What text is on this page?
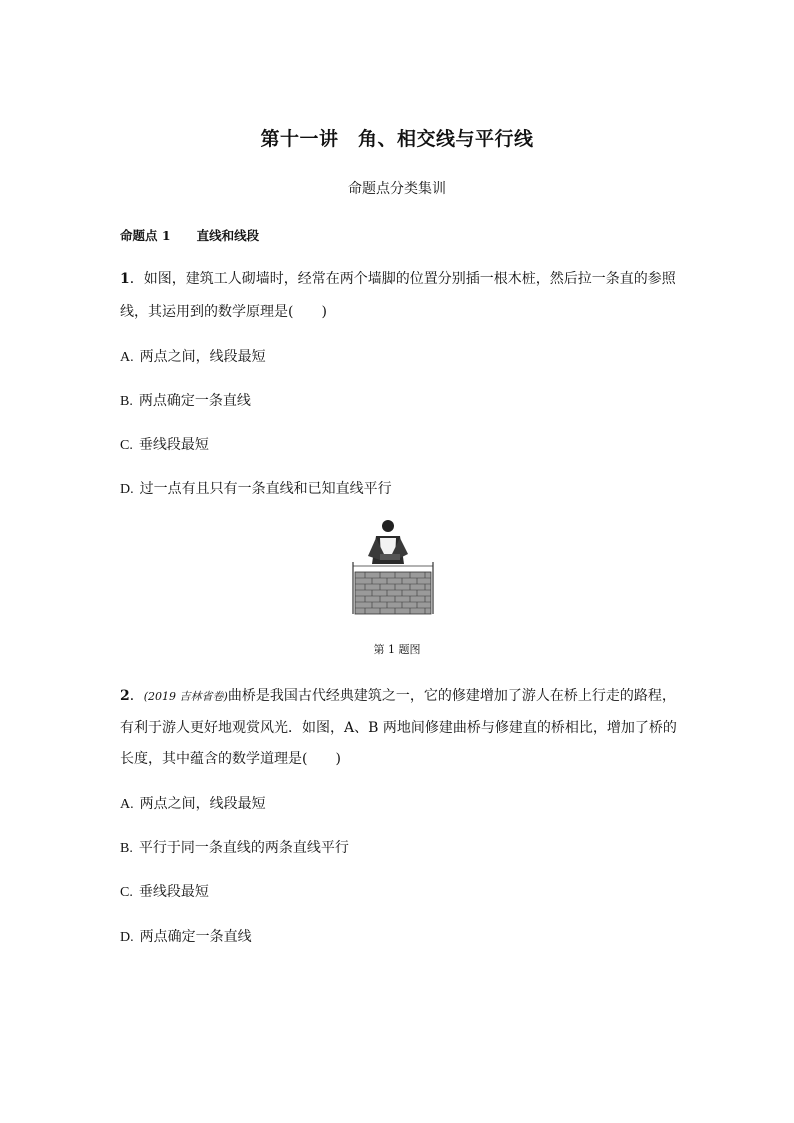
第十一讲　角、相交线与平行线
命题点分类集训
命题点 1 直线和线段
1．如图，建筑工人砌墙时，经常在两个墙脚的位置分别插一根木桩，然后拉一条直的参照
线，其运用到的数学原理是(　　)
A. 两点之间，线段最短
B. 两点确定一条直线
C. 垂线段最短
D. 过一点有且只有一条直线和已知直线平行
第 1 题图
2．(2019 吉林省卷)曲桥是我国古代经典建筑之一，它的修建增加了游人在桥上行走的路程，
有利于游人更好地观赏风光．如图，A、B 两地间修建曲桥与修建直的桥相比，增加了桥的
长度，其中蕴含的数学道理是(　　)
A. 两点之间，线段最短
B. 平行于同一条直线的两条直线平行
C. 垂线段最短
D. 两点确定一条直线
